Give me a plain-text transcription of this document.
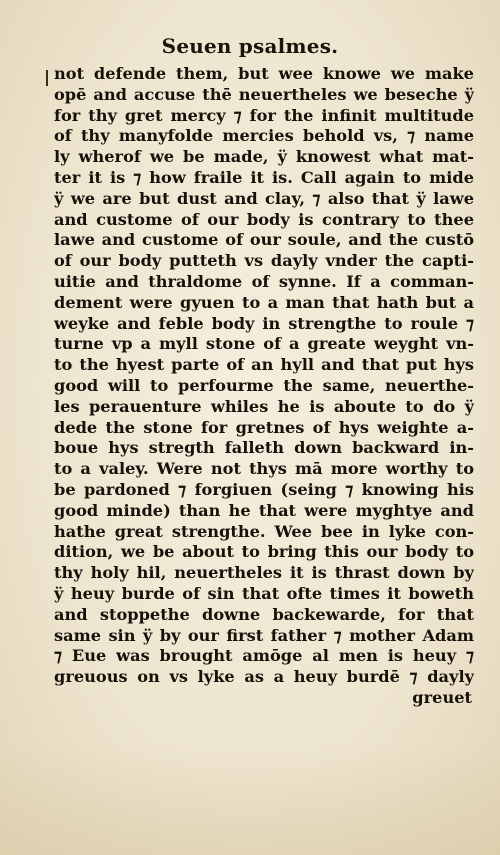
Seuen psalmes.
not defende them, but wee knowe we make
opē and accuse thē neuertheles we beseche ÿ
for thy gret mercy ⁊ for the infinit multitude
of thy manyfolde mercies behold vs, ⁊ name
ly wherof we be made, ÿ knowest what mat-
ter it is ⁊ how fraile it is. Call again to mide
ÿ we are but dust and clay, ⁊ also that ÿ lawe
and custome of our body is contrary to thee
lawe and custome of our soule, and the custō
of our body putteth vs dayly vnder the capti-
uitie and thraldome of synne. If a comman-
dement were gyuen to a man that hath but a
weyke and feble body in strengthe to roule ⁊
turne vp a myll stone of a greate weyght vn-
to the hyest parte of an hyll and that put hys
good will to perfourme the same, neuerthe-
les perauenture whiles he is aboute to do ÿ
dede the stone for gretnes of hys weighte a-
boue hys stregth falleth down backward in-
to a valey. Were not thys mā more worthy to
be pardoned ⁊ forgiuen (seing ⁊ knowing his
good minde) than he that were myghtye and
hathe great strengthe. Wee bee in lyke con-
dition, we be about to bring this our body to
thy holy hil, neuertheles it is thrast down by
ÿ heuy burde of sin that ofte times it boweth
and stoppethe downe backewarde, for that
same sin ÿ by our first father ⁊ mother Adam
⁊ Eue was brought amōge al men is heuy ⁊
greuous on vs lyke as a heuy burdē ⁊ dayly
greuet
